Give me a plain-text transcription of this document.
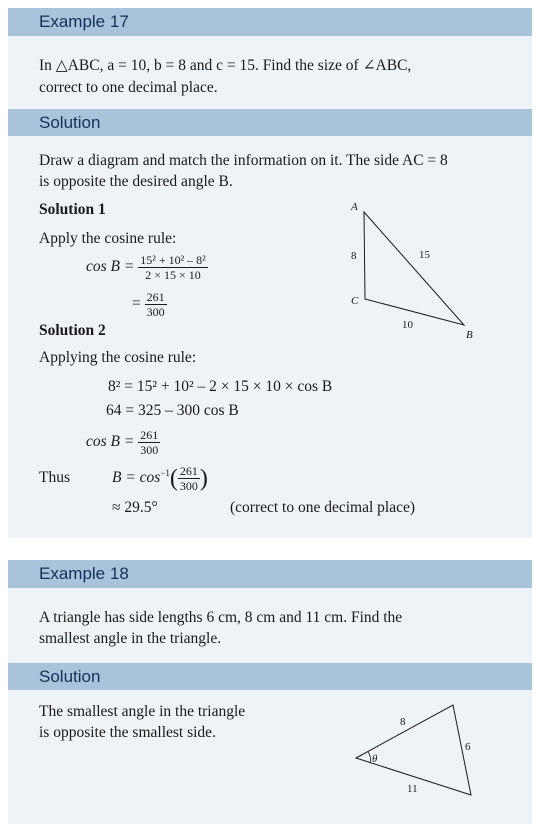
Example 17
In △ABC, a = 10, b = 8 and c = 15. Find the size of ∠ABC,
correct to one decimal place.
Solution
Draw a diagram and match the information on it. The side AC = 8
is opposite the desired angle B.
Solution 1
Apply the cosine rule:
$\cos B = \frac{\text{15² + 10² – 8²}}{2 \times 15 \times 10}$
= $\frac{261}{300}$
Solution 2
Applying the cosine rule:
8² = 15² + 10² – 2 × 15 × 10 × cos B
64 = 325 – 300 cos B
$\cos B = \frac{261}{300}$
Thus	$B = \cos^{-1}( \frac{261}{300}$ )
≈ 29.5°	(correct to one decimal place)
A
C
B
8	15
10
Example 18
A triangle has side lengths 6 cm, 8 cm and 11 cm. Find the
smallest angle in the triangle.
Solution
The smallest angle in the triangle
is opposite the smallest side.
θ
8
6
11
